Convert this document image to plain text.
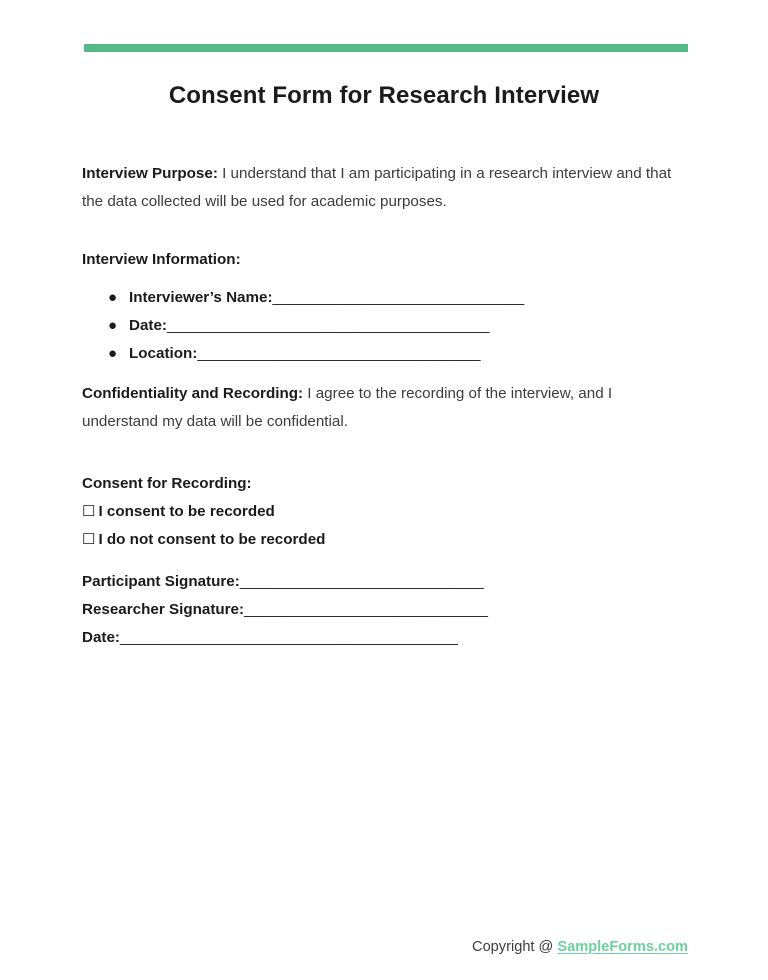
Consent Form for Research Interview

Interview Purpose: I understand that I am participating in a research interview and that the data collected will be used for academic purposes.

Interview Information:

● Interviewer’s Name:________________________________
● Date:_________________________________________
● Location:____________________________________

Confidentiality and Recording: I agree to the recording of the interview, and I understand my data will be confidential.

Consent for Recording:

☐ I consent to be recorded
☐ I do not consent to be recorded
Participant Signature:_______________________________
Researcher Signature:_______________________________
Date:___________________________________________
Copyright @ SampleForms.com
